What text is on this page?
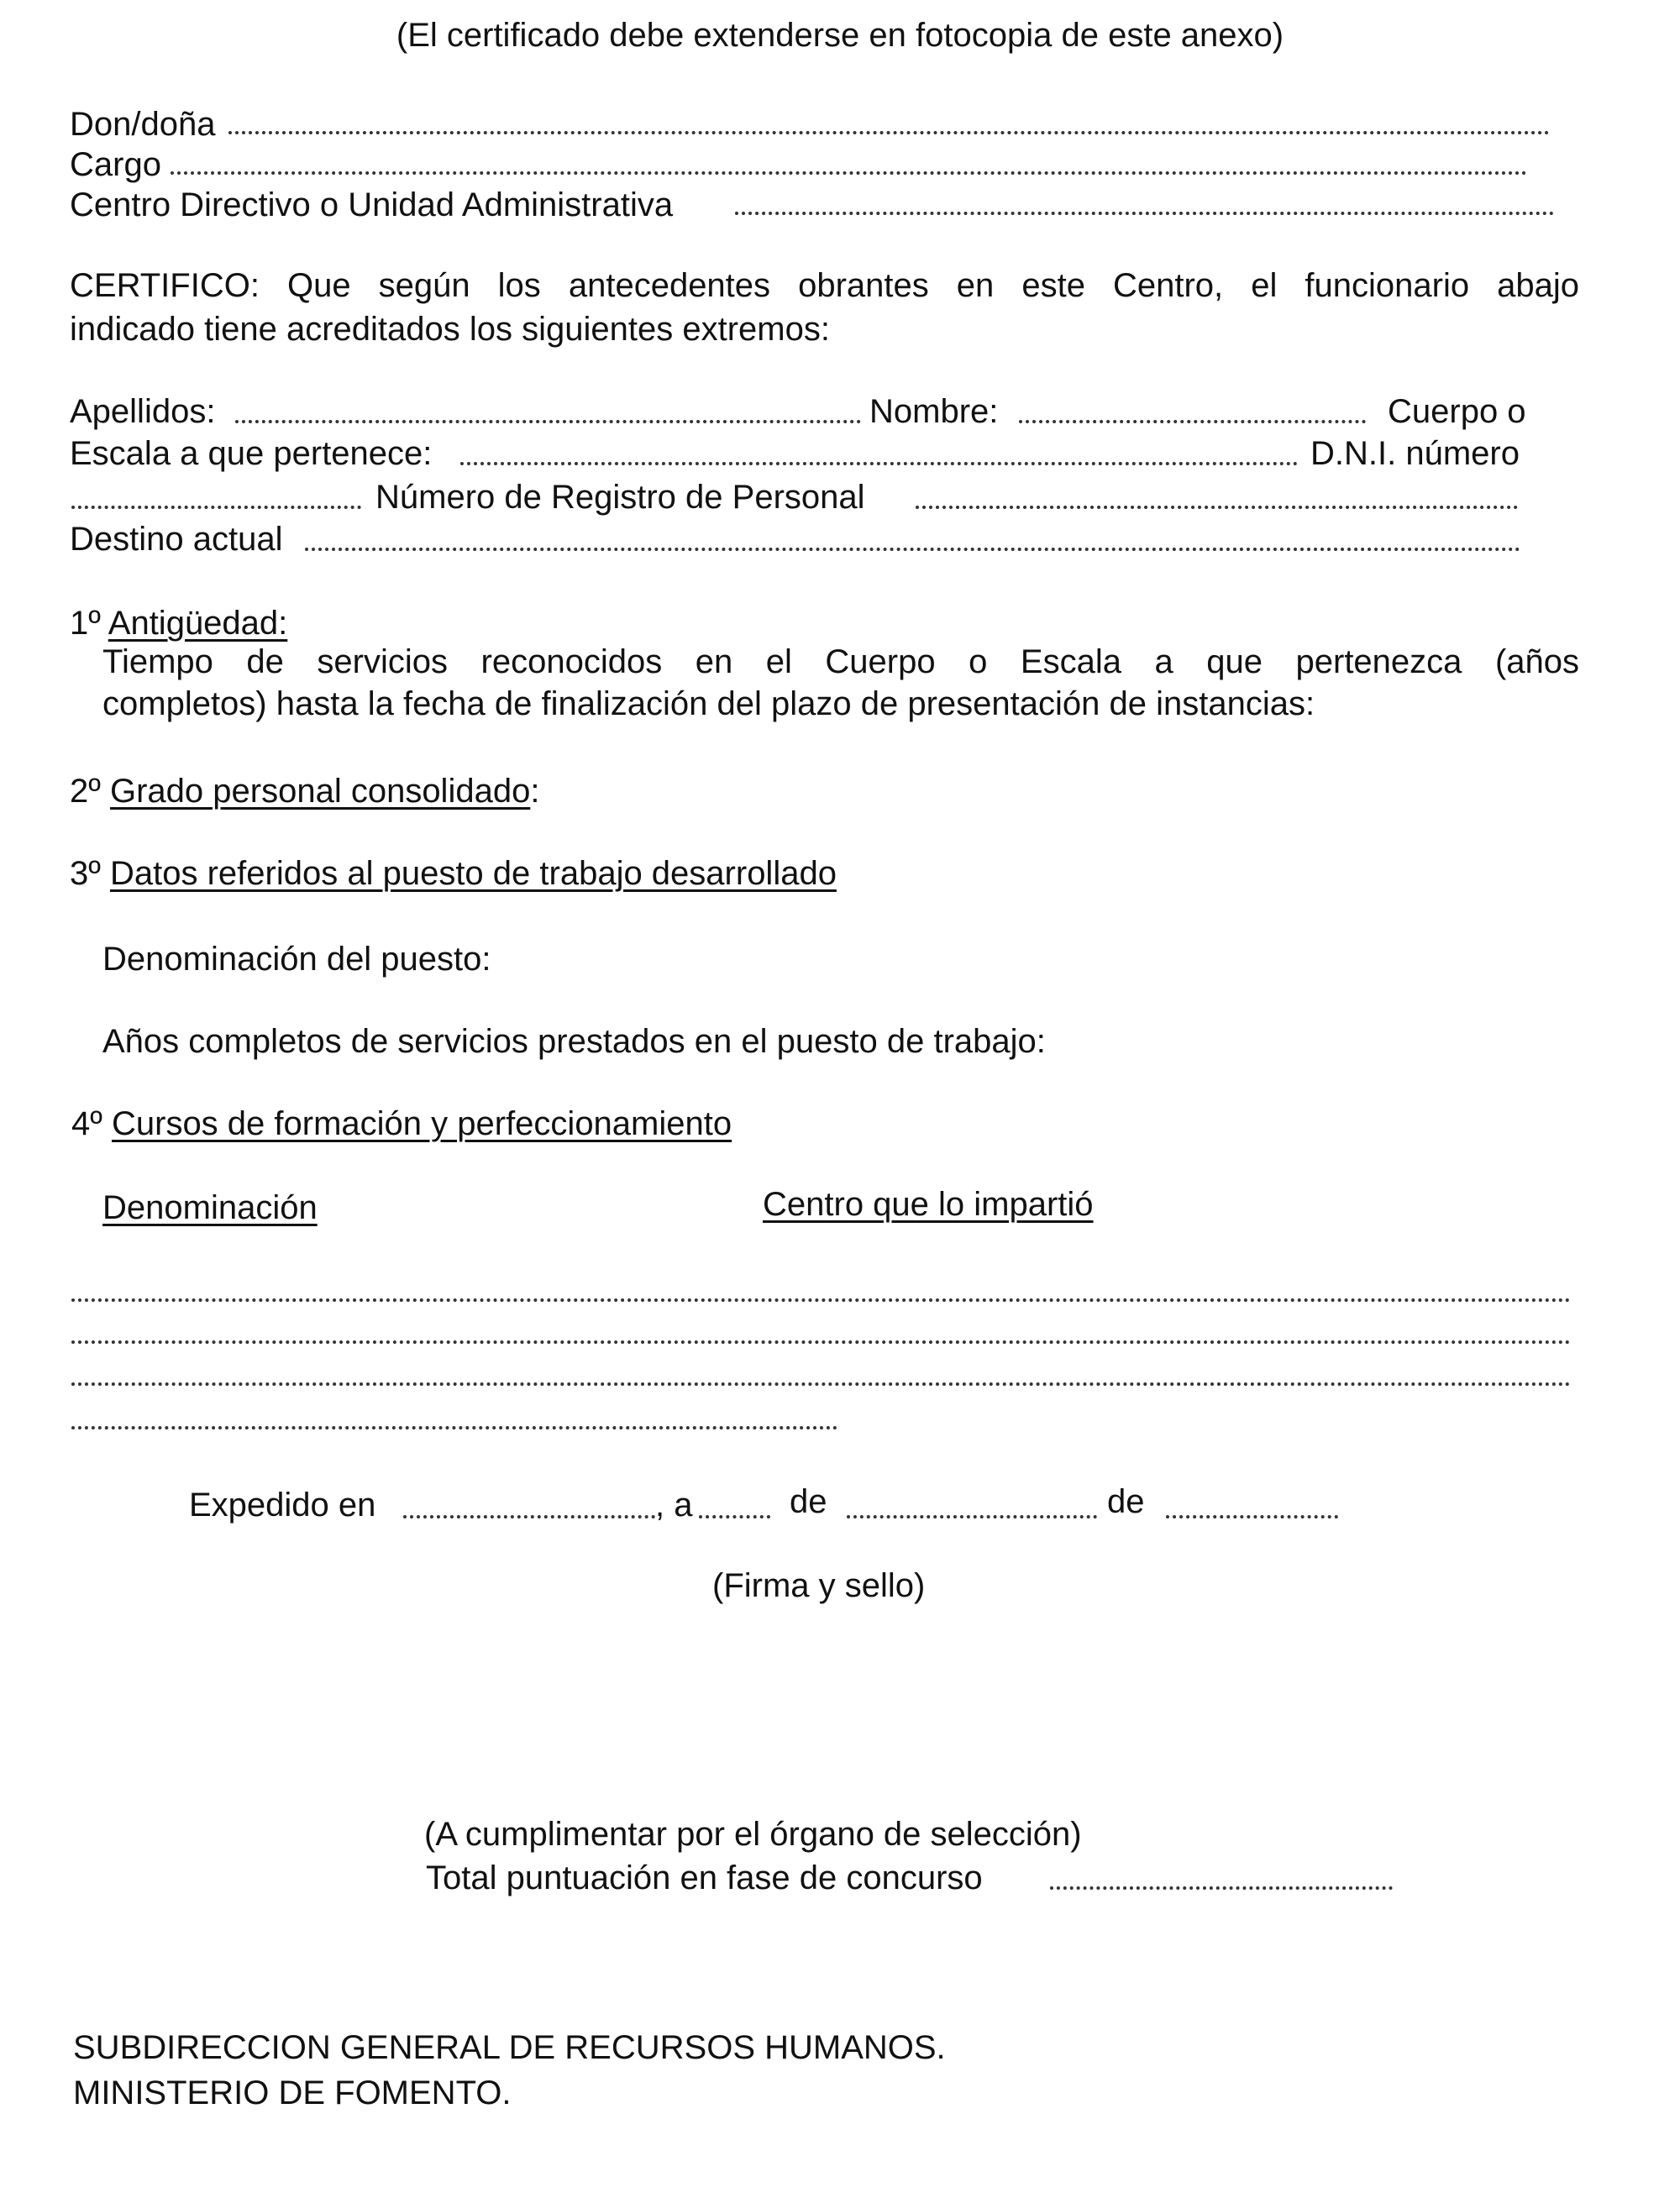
(El certificado debe extenderse en fotocopia de este anexo)
Don/doña
Cargo
Centro Directivo o Unidad Administrativa
CERTIFICO: Que según los antecedentes obrantes en este Centro, el funcionario abajo
indicado tiene acreditados los siguientes extremos:
Apellidos:	Nombre:	Cuerpo o
Escala a que pertenece:	D.N.I. número
Número de Registro de Personal
Destino actual
1º Antigüedad:
Tiempo de servicios reconocidos en el Cuerpo o Escala a que pertenezca (años
completos) hasta la fecha de finalización del plazo de presentación de instancias:
2º Grado personal consolidado:
3º Datos referidos al puesto de trabajo desarrollado
Denominación del puesto:
Años completos de servicios prestados en el puesto de trabajo:
4º Cursos de formación y perfeccionamiento
Denominación	Centro que lo impartió
Expedido en	, a	de	de
(Firma y sello)
(A cumplimentar por el órgano de selección)
Total puntuación en fase de concurso
SUBDIRECCION GENERAL DE RECURSOS HUMANOS.
MINISTERIO DE FOMENTO.
